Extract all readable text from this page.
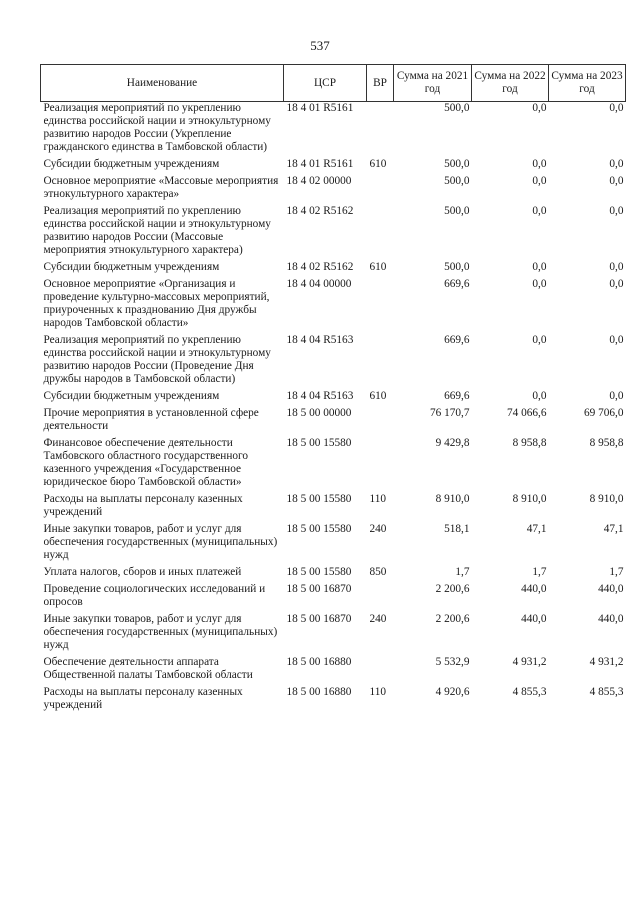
537
Наименование	ЦСР	ВР	Сумма на 2021 год	Сумма на 2022 год	Сумма на 2023 год
Реализация мероприятий по укреплению единства российской нации и этнокультурному развитию народов России (Укрепление гражданского единства в Тамбовской области)	18 4 01 R5161		500,0	0,0	0,0
Субсидии бюджетным учреждениям	18 4 01 R5161	610	500,0	0,0	0,0
Основное мероприятие «Массовые мероприятия этнокультурного характера»	18 4 02 00000		500,0	0,0	0,0
Реализация мероприятий по укреплению единства российской нации и этнокультурному развитию народов России (Массовые мероприятия этнокультурного характера)	18 4 02 R5162		500,0	0,0	0,0
Субсидии бюджетным учреждениям	18 4 02 R5162	610	500,0	0,0	0,0
Основное мероприятие «Организация и проведение культурно-массовых мероприятий, приуроченных к празднованию Дня дружбы народов Тамбовской области»	18 4 04 00000		669,6	0,0	0,0
Реализация мероприятий по укреплению единства российской нации и этнокультурному развитию народов России (Проведение Дня дружбы народов в Тамбовской области)	18 4 04 R5163		669,6	0,0	0,0
Субсидии бюджетным учреждениям	18 4 04 R5163	610	669,6	0,0	0,0
Прочие мероприятия в установленной сфере деятельности	18 5 00 00000		76 170,7	74 066,6	69 706,0
Финансовое обеспечение деятельности Тамбовского областного государственного казенного учреждения «Государственное юридическое бюро Тамбовской области»	18 5 00 15580		9 429,8	8 958,8	8 958,8
Расходы на выплаты персоналу казенных учреждений	18 5 00 15580	110	8 910,0	8 910,0	8 910,0
Иные закупки товаров, работ и услуг для обеспечения государственных (муниципальных) нужд	18 5 00 15580	240	518,1	47,1	47,1
Уплата налогов, сборов и иных платежей	18 5 00 15580	850	1,7	1,7	1,7
Проведение социологических исследований и опросов	18 5 00 16870		2 200,6	440,0	440,0
Иные закупки товаров, работ и услуг для обеспечения государственных (муниципальных) нужд	18 5 00 16870	240	2 200,6	440,0	440,0
Обеспечение деятельности аппарата Общественной палаты Тамбовской области	18 5 00 16880		5 532,9	4 931,2	4 931,2
Расходы на выплаты персоналу казенных учреждений	18 5 00 16880	110	4 920,6	4 855,3	4 855,3
